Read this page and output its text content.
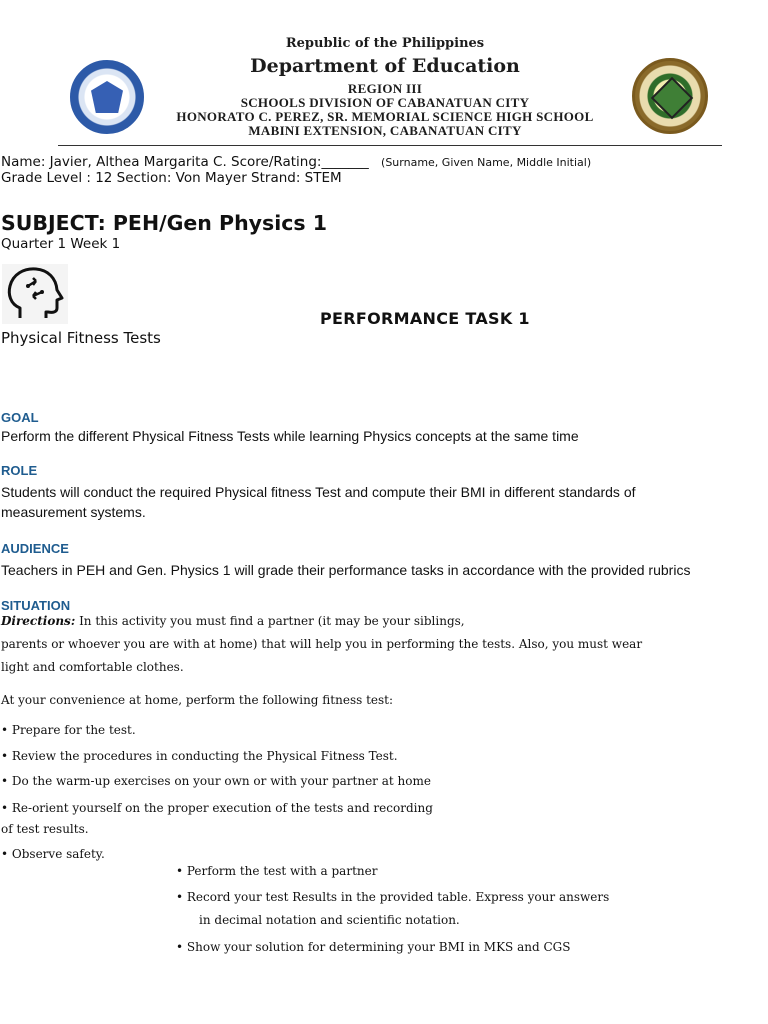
Republic of the Philippines
Department of Education
REGION III
SCHOOLS DIVISION OF CABANATUAN CITY
HONORATO C. PEREZ, SR. MEMORIAL SCIENCE HIGH SCHOOL
MABINI EXTENSION, CABANATUAN CITY
Name: Javier, Althea Margarita C. Score/Rating:_______ (Surname, Given Name, Middle Initial)
Grade Level : 12 Section: Von Mayer Strand: STEM
SUBJECT: PEH/Gen Physics 1
Quarter 1 Week 1
PERFORMANCE TASK 1
Physical Fitness Tests
GOAL
Perform the different Physical Fitness Tests while learning Physics concepts at the same time
ROLE
Students will conduct the required Physical fitness Test and compute their BMI in different standards of measurement systems.
AUDIENCE
Teachers in PEH and Gen. Physics 1 will grade their performance tasks in accordance with the provided rubrics
SITUATION
Directions: In this activity you must find a partner (it may be your siblings,
parents or whoever you are with at home) that will help you in performing the tests. Also, you must wear
light and comfortable clothes.
At your convenience at home, perform the following fitness test:
• Prepare for the test.
• Review the procedures in conducting the Physical Fitness Test.
• Do the warm-up exercises on your own or with your partner at home
• Re-orient yourself on the proper execution of the tests and recording
of test results.
• Observe safety.
• Perform the test with a partner
• Record your test Results in the provided table. Express your answers
in decimal notation and scientific notation.
• Show your solution for determining your BMI in MKS and CGS
